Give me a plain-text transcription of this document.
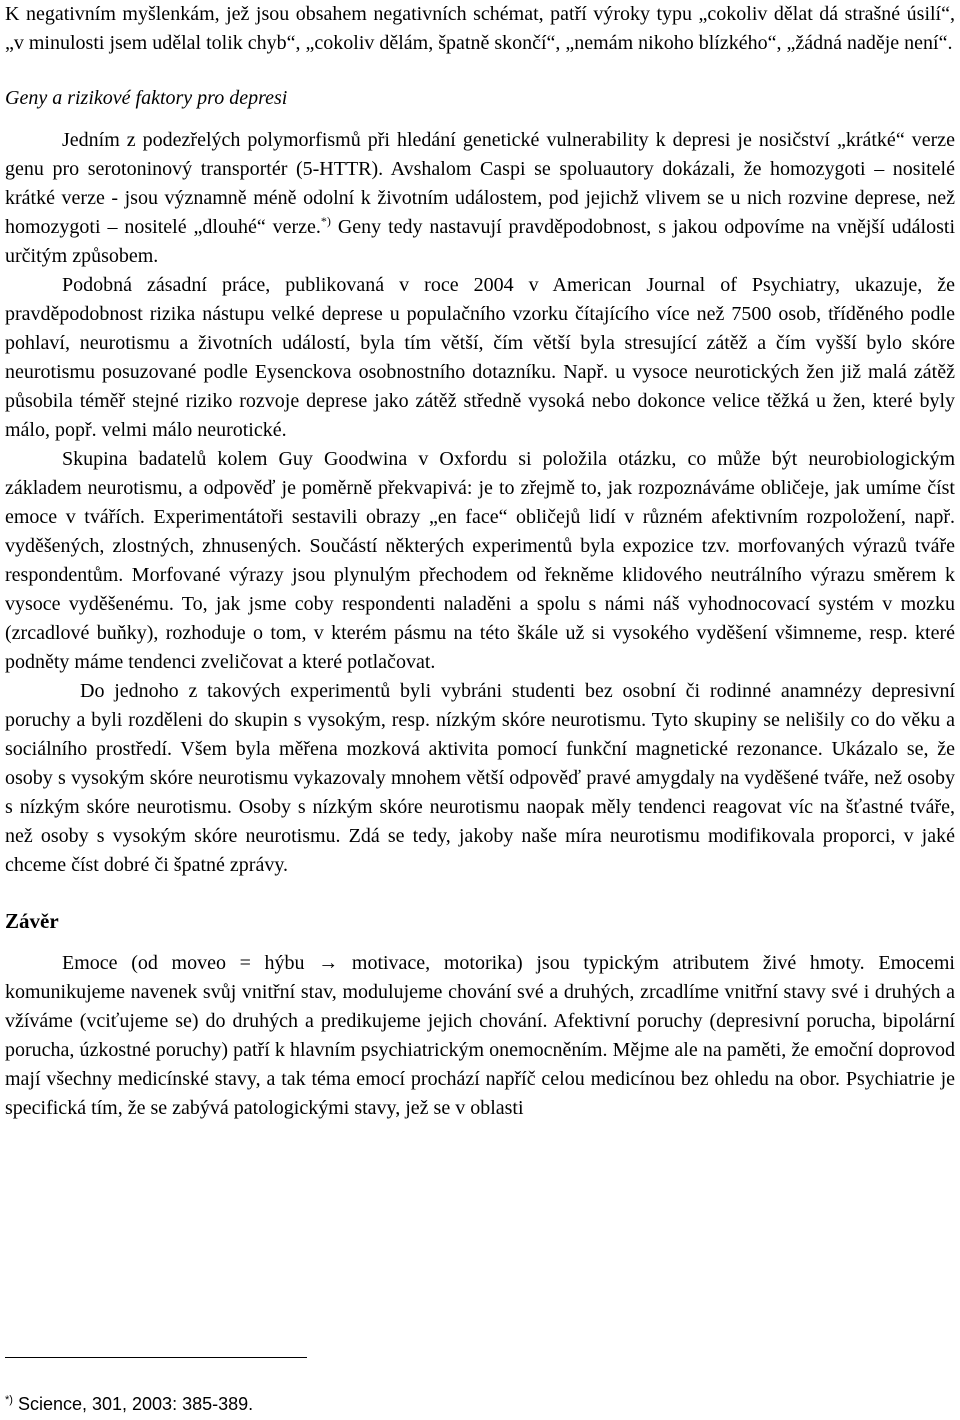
K negativním myšlenkám, jež jsou obsahem negativních schémat, patří výroky typu „cokoliv dělat dá strašné úsilí“, „v minulosti jsem udělal tolik chyb“, „cokoliv dělám, špatně skončí“, „nemám nikoho blízkého“, „žádná naděje není“.

Geny a rizikové faktory pro depresi

Jedním z podezřelých polymorfismů při hledání genetické vulnerability k depresi je nosičství „krátké“ verze genu pro serotoninový transportér (5-HTTR). Avshalom Caspi se spoluautory dokázali, že homozygoti – nositelé krátké verze - jsou významně méně odolní k životním událostem, pod jejichž vlivem se u nich rozvine deprese, než homozygoti – nositelé „dlouhé“ verze.*) Geny tedy nastavují pravděpodobnost, s jakou odpovíme na vnější události určitým způsobem.

Podobná zásadní práce, publikovaná v roce 2004 v American Journal of Psychiatry, ukazuje, že pravděpodobnost rizika nástupu velké deprese u populačního vzorku čítajícího více než 7500 osob, tříděného podle pohlaví, neurotismu a životních událostí, byla tím větší, čím větší byla stresující zátěž a čím vyšší bylo skóre neurotismu posuzované podle Eysenckova osobnostního dotazníku. Např. u vysoce neurotických žen již malá zátěž působila téměř stejné riziko rozvoje deprese jako zátěž středně vysoká nebo dokonce velice těžká u žen, které byly málo, popř. velmi málo neurotické.

Skupina badatelů kolem Guy Goodwina v Oxfordu si položila otázku, co může být neurobiologickým základem neurotismu, a odpověď je poměrně překvapivá: je to zřejmě to, jak rozpoznáváme obličeje, jak umíme číst emoce v tvářích. Experimentátoři sestavili obrazy „en face“ obličejů lidí v různém afektivním rozpoložení, např. vyděšených, zlostných, zhnusených. Součástí některých experimentů byla expozice tzv. morfovaných výrazů tváře respondentům. Morfované výrazy jsou plynulým přechodem od řekněme klidového neutrálního výrazu směrem k vysoce vyděšenému. To, jak jsme coby respondenti naladěni a spolu s námi náš vyhodnocovací systém v mozku (zrcadlové buňky), rozhoduje o tom, v kterém pásmu na této škále už si vysokého vyděšení všimneme, resp. které podněty máme tendenci zveličovat a které potlačovat.

Do jednoho z takových experimentů byli vybráni studenti bez osobní či rodinné anamnézy depresivní poruchy a byli rozděleni do skupin s vysokým, resp. nízkým skóre neurotismu. Tyto skupiny se nelišily co do věku a sociálního prostředí. Všem byla měřena mozková aktivita pomocí funkční magnetické rezonance. Ukázalo se, že osoby s vysokým skóre neurotismu vykazovaly mnohem větší odpověď pravé amygdaly na vyděšené tváře, než osoby s nízkým skóre neurotismu. Osoby s nízkým skóre neurotismu naopak měly tendenci reagovat víc na šťastné tváře, než osoby s vysokým skóre neurotismu. Zdá se tedy, jakoby naše míra neurotismu modifikovala proporci, v jaké chceme číst dobré či špatné zprávy.

Závěr

Emoce (od moveo = hýbu → motivace, motorika) jsou typickým atributem živé hmoty. Emocemi komunikujeme navenek svůj vnitřní stav, modulujeme chování své a druhých, zrcadlíme vnitřní stavy své i druhých a vžíváme (vciťujeme se) do druhých a predikujeme jejich chování. Afektivní poruchy (depresivní porucha, bipolární porucha, úzkostné poruchy) patří k hlavním psychiatrickým onemocněním. Mějme ale na paměti, že emoční doprovod mají všechny medicínské stavy, a tak téma emocí prochází napříč celou medicínou bez ohledu na obor. Psychiatrie je specifická tím, že se zabývá patologickými stavy, jež se v oblasti

*) Science, 301, 2003: 385-389.
